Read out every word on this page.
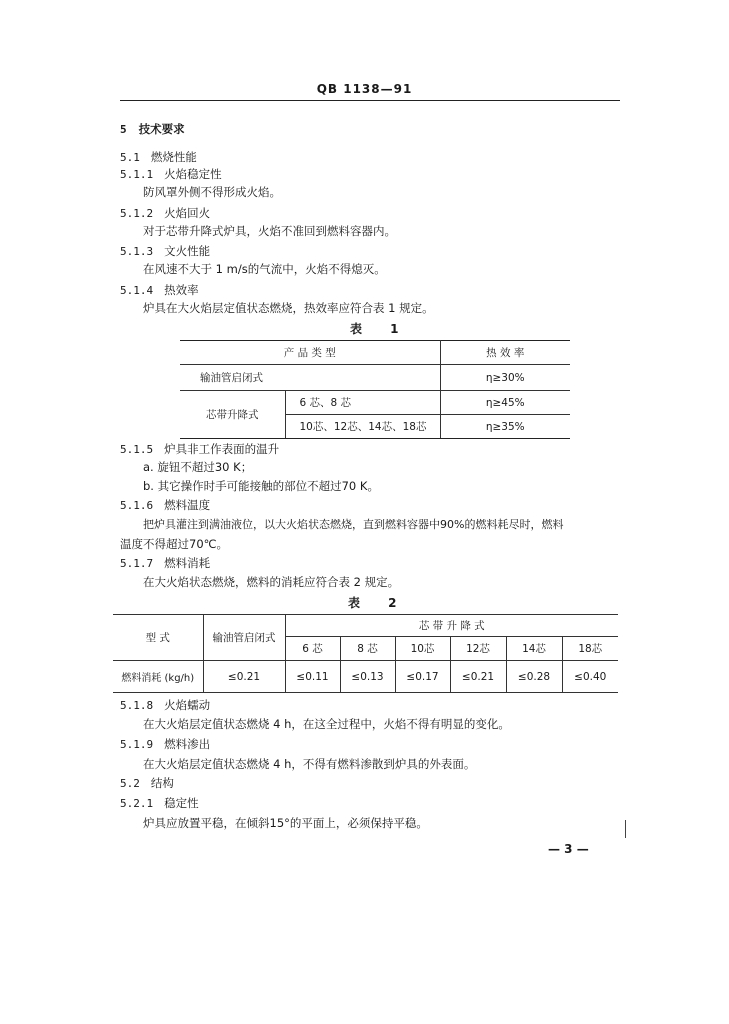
QB 1138—91
5 技术要求
5.1 燃烧性能
5.1.1 火焰稳定性
防风罩外侧不得形成火焰。
5.1.2 火焰回火
对于芯带升降式炉具，火焰不准回到燃料容器内。
5.1.3 文火性能
在风速不大于 1 m/s的气流中，火焰不得熄灭。
5.1.4 热效率
炉具在大火焰层定值状态燃烧，热效率应符合表 1 规定。
表 1
产 品 类 型		热 效 率
输油管启闭式		η≥30%
芯带升降式	6 芯、8 芯	η≥45%
	10芯、12芯、14芯、18芯	η≥35%
5.1.5 炉具非工作表面的温升
a. 旋钮不超过30 K；
b. 其它操作时手可能接触的部位不超过70 K。
5.1.6 燃料温度
把炉具灌注到满油液位，以大火焰状态燃烧，直到燃料容器中90%的燃料耗尽时，燃料
温度不得超过70℃。
5.1.7 燃料消耗
在大火焰状态燃烧，燃料的消耗应符合表 2 规定。
表 2
型 式	输油管启闭式	芯 带 升 降 式					
		6 芯	8 芯	10芯	12芯	14芯	18芯
燃料消耗 (kg/h)	≤0.21	≤0.11	≤0.13	≤0.17	≤0.21	≤0.28	≤0.40
5.1.8 火焰蠕动
在大火焰层定值状态燃烧 4 h，在这全过程中，火焰不得有明显的变化。
5.1.9 燃料渗出
在大火焰层定值状态燃烧 4 h，不得有燃料渗散到炉具的外表面。
5.2 结构
5.2.1 稳定性
炉具应放置平稳，在倾斜15°的平面上，必须保持平稳。
— 3 —
